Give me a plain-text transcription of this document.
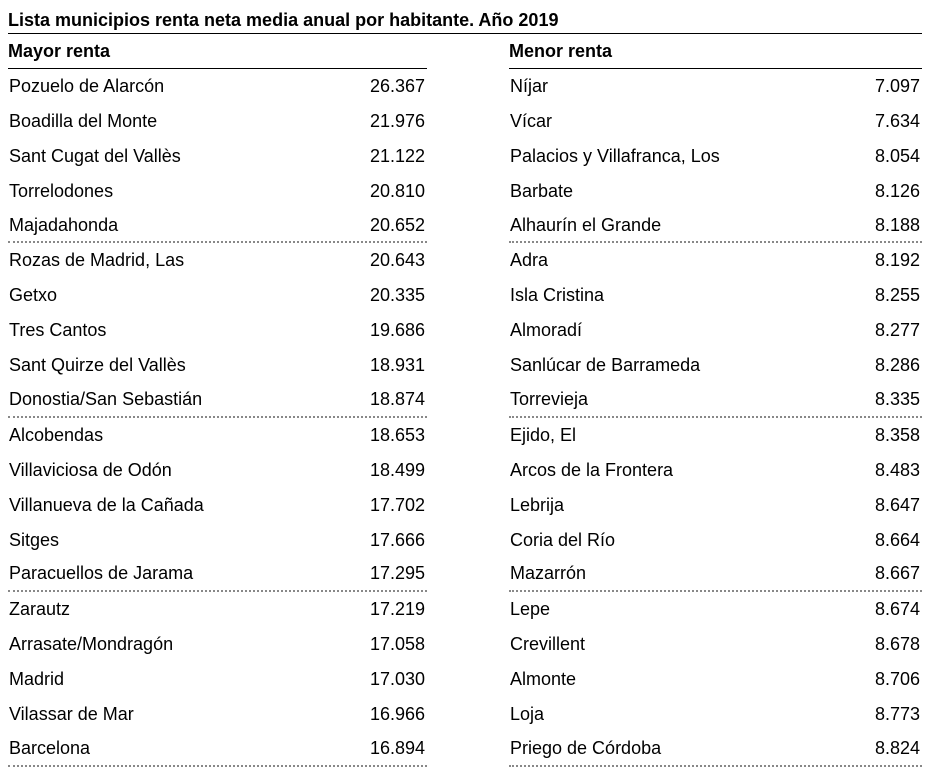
Lista municipios renta neta media anual por habitante. Año 2019
Mayor renta
Pozuelo de Alarcón	26.367
Boadilla del Monte	21.976
Sant Cugat del Vallès	21.122
Torrelodones	20.810
Majadahonda	20.652
Rozas de Madrid, Las	20.643
Getxo	20.335
Tres Cantos	19.686
Sant Quirze del Vallès	18.931
Donostia/San Sebastián	18.874
Alcobendas	18.653
Villaviciosa de Odón	18.499
Villanueva de la Cañada	17.702
Sitges	17.666
Paracuellos de Jarama	17.295
Zarautz	17.219
Arrasate/Mondragón	17.058
Madrid	17.030
Vilassar de Mar	16.966
Barcelona	16.894
Menor renta
Níjar	7.097
Vícar	7.634
Palacios y Villafranca, Los	8.054
Barbate	8.126
Alhaurín el Grande	8.188
Adra	8.192
Isla Cristina	8.255
Almoradí	8.277
Sanlúcar de Barrameda	8.286
Torrevieja	8.335
Ejido, El	8.358
Arcos de la Frontera	8.483
Lebrija	8.647
Coria del Río	8.664
Mazarrón	8.667
Lepe	8.674
Crevillent	8.678
Almonte	8.706
Loja	8.773
Priego de Córdoba	8.824
